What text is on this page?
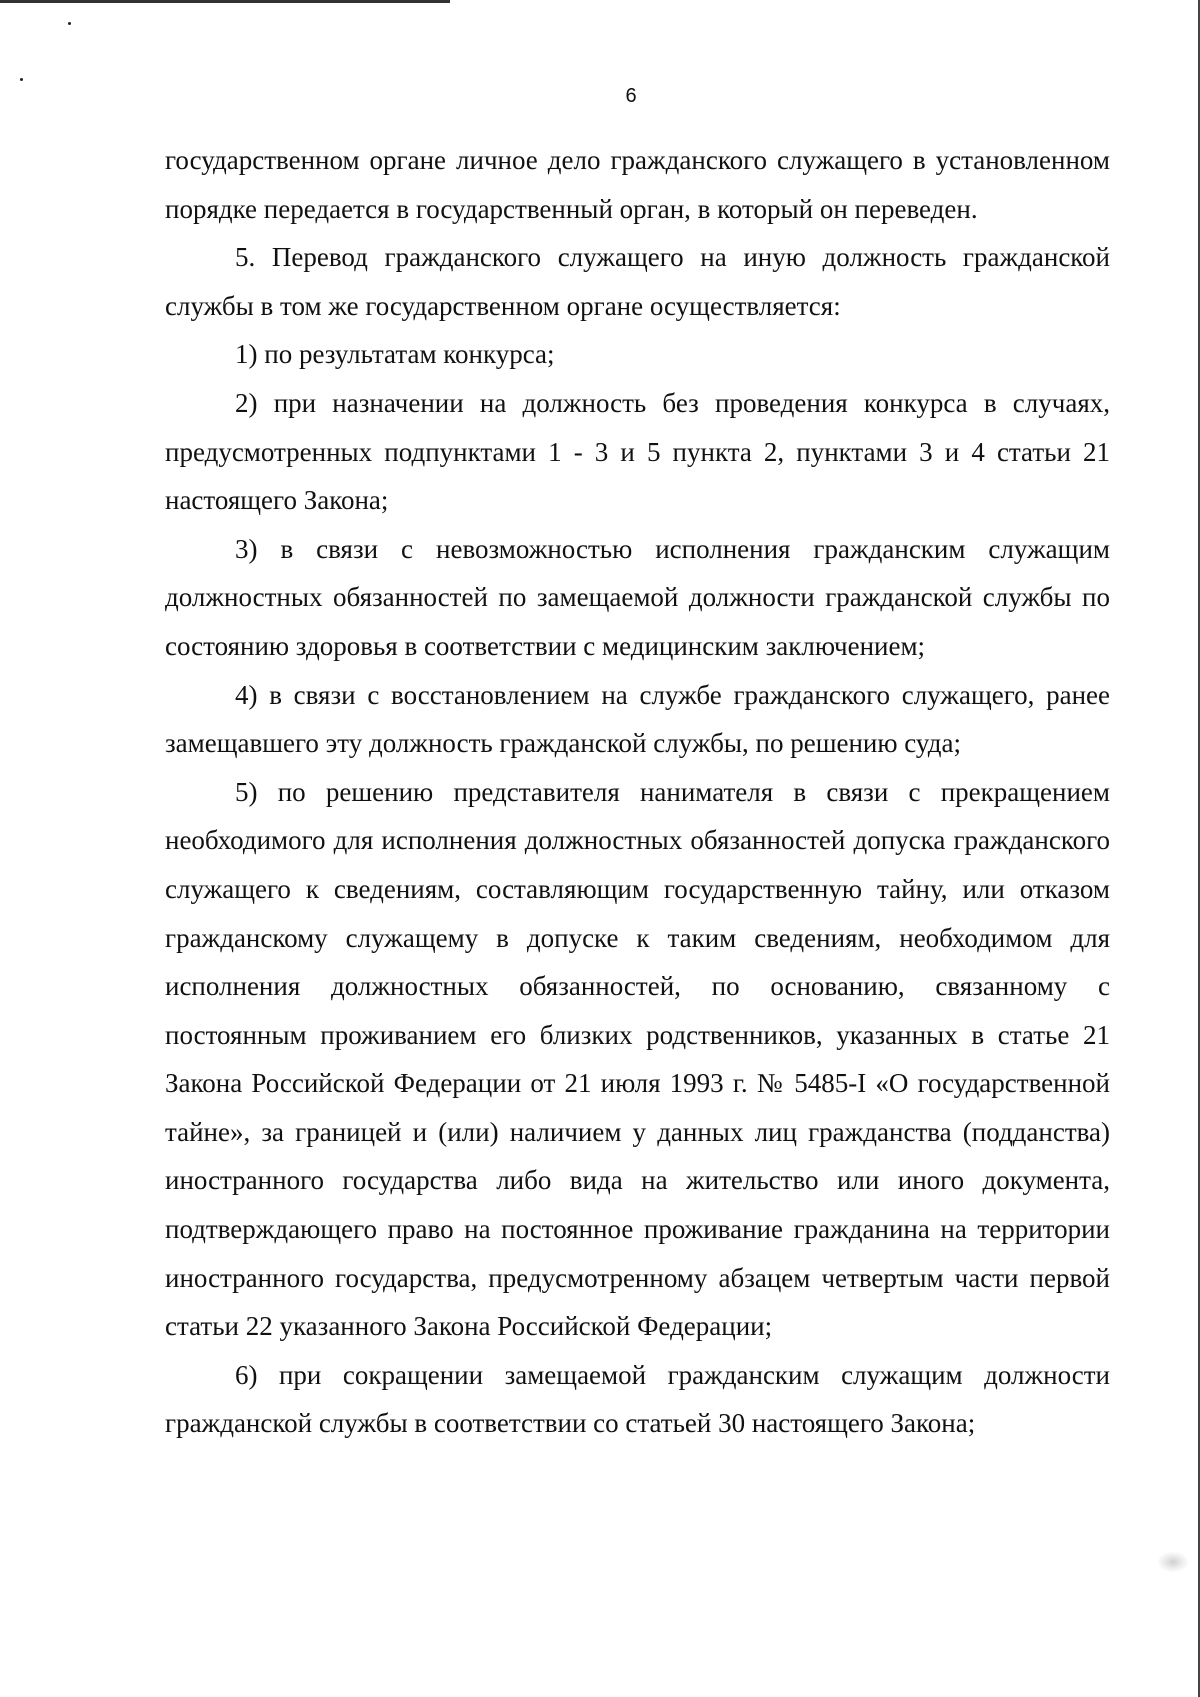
6

государственном органе личное дело гражданского служащего в установленном порядке передается в государственный орган, в который он переведен.

5. Перевод гражданского служащего на иную должность гражданской службы в том же государственном органе осуществляется:

1) по результатам конкурса;

2) при назначении на должность без проведения конкурса в случаях, предусмотренных подпунктами 1 - 3 и 5 пункта 2, пунктами 3 и 4 статьи 21 настоящего Закона;

3) в связи с невозможностью исполнения гражданским служащим должностных обязанностей по замещаемой должности гражданской службы по состоянию здоровья в соответствии с медицинским заключением;

4) в связи с восстановлением на службе гражданского служащего, ранее замещавшего эту должность гражданской службы, по решению суда;

5) по решению представителя нанимателя в связи с прекращением необходимого для исполнения должностных обязанностей допуска гражданского служащего к сведениям, составляющим государственную тайну, или отказом гражданскому служащему в допуске к таким сведениям, необходимом для исполнения должностных обязанностей, по основанию, связанному с постоянным проживанием его близких родственников, указанных в статье 21 Закона Российской Федерации от 21 июля 1993 г. № 5485-I «О государственной тайне», за границей и (или) наличием у данных лиц гражданства (подданства) иностранного государства либо вида на жительство или иного документа, подтверждающего право на постоянное проживание гражданина на территории иностранного государства, предусмотренному абзацем четвертым части первой статьи 22 указанного Закона Российской Федерации;

6) при сокращении замещаемой гражданским служащим должности гражданской службы в соответствии со статьей 30 настоящего Закона;
